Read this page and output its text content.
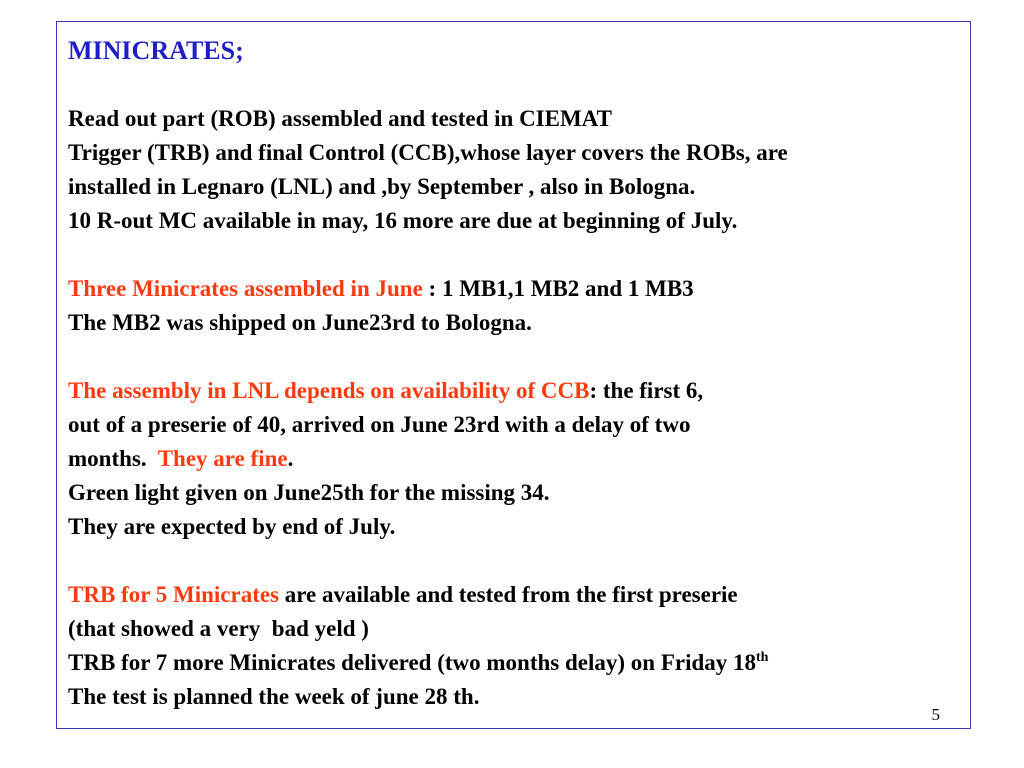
MINICRATES;
Read out part (ROB) assembled and tested in CIEMAT
Trigger (TRB) and final Control (CCB),whose layer covers the ROBs, are
installed in Legnaro (LNL) and ,by September , also in Bologna.
10 R-out MC available in may, 16 more are due at beginning of July.
Three Minicrates assembled in June : 1 MB1,1 MB2 and 1 MB3
The MB2 was shipped on June23rd to Bologna.
The assembly in LNL depends on availability of CCB: the first 6,
out of a preserie of 40, arrived on June 23rd with a delay of two
months.  They are fine.
Green light given on June25th for the missing 34.
They are expected by end of July.
TRB for 5 Minicrates are available and tested from the first preserie
(that showed a very  bad yeld )
TRB for 7 more Minicrates delivered (two months delay) on Friday 18th
The test is planned the week of june 28 th.
5
